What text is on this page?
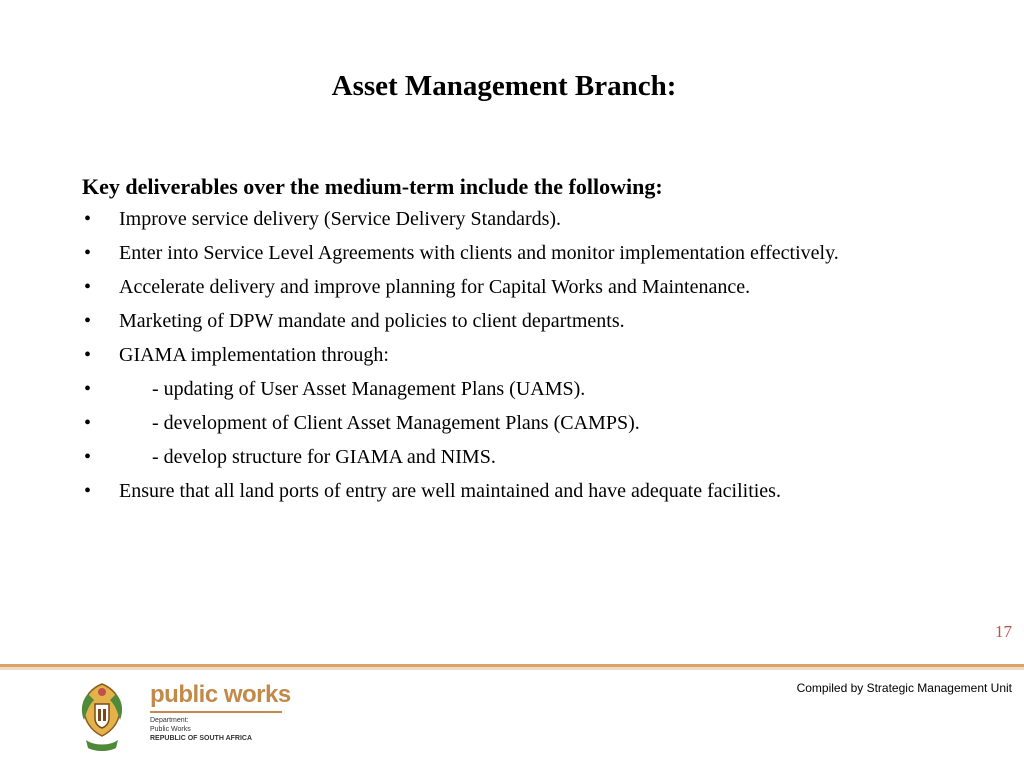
Asset Management Branch:
Key deliverables over the medium-term include the following:
• Improve service delivery (Service Delivery Standards).
• Enter into Service Level Agreements with clients and monitor implementation effectively.
• Accelerate delivery and improve planning for Capital Works and Maintenance.
• Marketing of DPW mandate and policies to client departments.
• GIAMA implementation through:
•	- updating of User Asset Management Plans (UAMS).
•	- development of Client Asset Management Plans (CAMPS).
•	- develop structure for GIAMA and NIMS.
• Ensure that all land ports of entry are well maintained and have adequate facilities.
17
public works
Department:
Public Works
REPUBLIC OF SOUTH AFRICA
Compiled by Strategic Management Unit
